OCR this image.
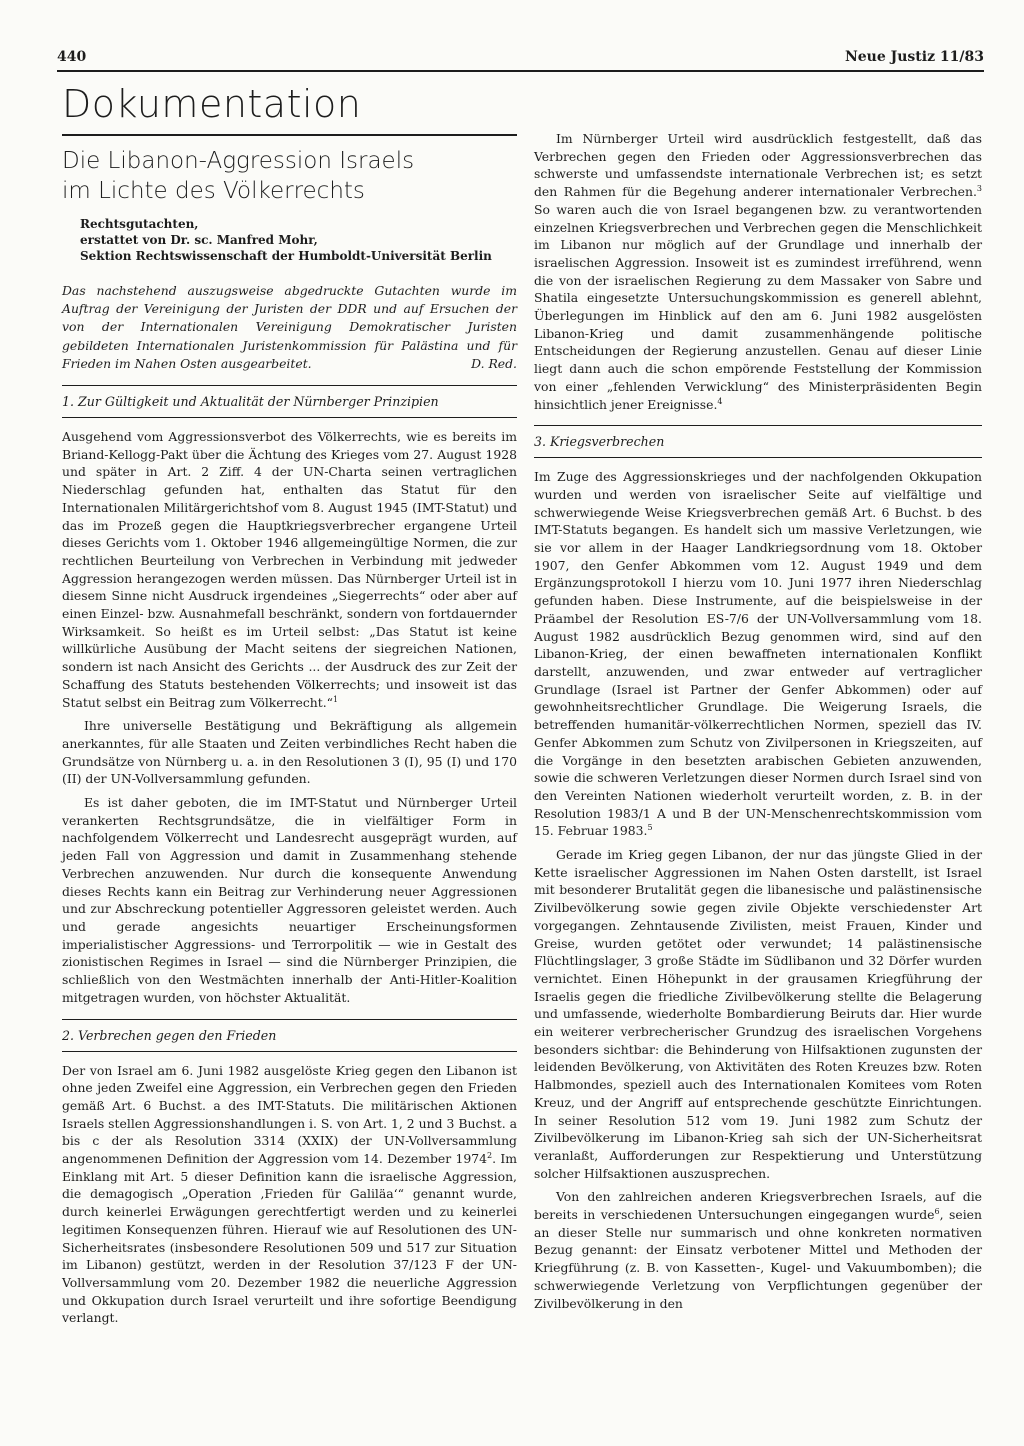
440	Neue Justiz 11/83
Dokumentation
Die Libanon-Aggression Israels
im Lichte des Völkerrechts
Rechtsgutachten,
erstattet von Dr. sc. Manfred Mohr,
Sektion Rechtswissenschaft der Humboldt-Universität Berlin

Das nachstehend auszugsweise abgedruckte Gutachten wurde im Auftrag der Vereinigung der Juristen der DDR und auf Ersuchen der von der Internationalen Vereinigung Demokratischer Juristen gebildeten Internationalen Juristenkommission für Palästina und für Frieden im Nahen Osten ausgearbeitet.	D. Red.
1. Zur Gültigkeit und Aktualität der Nürnberger Prinzipien

Ausgehend vom Aggressionsverbot des Völkerrechts, wie es bereits im Briand-Kellogg-Pakt über die Ächtung des Krieges vom 27. August 1928 und später in Art. 2 Ziff. 4 der UN-Charta seinen vertraglichen Niederschlag gefunden hat, enthalten das Statut für den Internationalen Militärgerichtshof vom 8. August 1945 (IMT-Statut) und das im Prozeß gegen die Hauptkriegsverbrecher ergangene Urteil dieses Gerichts vom 1. Oktober 1946 allgemeingültige Normen, die zur rechtlichen Beurteilung von Verbrechen in Verbindung mit jedweder Aggression herangezogen werden müssen. Das Nürnberger Urteil ist in diesem Sinne nicht Ausdruck irgendeines „Siegerrechts“ oder aber auf einen Einzel- bzw. Ausnahmefall beschränkt, sondern von fortdauernder Wirksamkeit. So heißt es im Urteil selbst: „Das Statut ist keine willkürliche Ausübung der Macht seitens der siegreichen Nationen, sondern ist nach Ansicht des Gerichts ... der Ausdruck des zur Zeit der Schaffung des Statuts bestehenden Völkerrechts; und insoweit ist das Statut selbst ein Beitrag zum Völkerrecht.“$^1$

Ihre universelle Bestätigung und Bekräftigung als allgemein anerkanntes, für alle Staaten und Zeiten verbindliches Recht haben die Grundsätze von Nürnberg u. a. in den Resolutionen 3 (I), 95 (I) und 170 (II) der UN-Vollversammlung gefunden.

Es ist daher geboten, die im IMT-Statut und Nürnberger Urteil verankerten Rechtsgrundsätze, die in vielfältiger Form in nachfolgendem Völkerrecht und Landesrecht ausgeprägt wurden, auf jeden Fall von Aggression und damit in Zusammenhang stehende Verbrechen anzuwenden. Nur durch die konsequente Anwendung dieses Rechts kann ein Beitrag zur Verhinderung neuer Aggressionen und zur Abschreckung potentieller Aggressoren geleistet werden. Auch und gerade angesichts neuartiger Erscheinungsformen imperialistischer Aggressions- und Terrorpolitik — wie in Gestalt des zionistischen Regimes in Israel — sind die Nürnberger Prinzipien, die schließlich von den Westmächten innerhalb der Anti-Hitler-Koalition mitgetragen wurden, von höchster Aktualität.

2. Verbrechen gegen den Frieden

Der von Israel am 6. Juni 1982 ausgelöste Krieg gegen den Libanon ist ohne jeden Zweifel eine Aggression, ein Verbrechen gegen den Frieden gemäß Art. 6 Buchst. a des IMT-Statuts. Die militärischen Aktionen Israels stellen Aggressionshandlungen i. S. von Art. 1, 2 und 3 Buchst. a bis c der als Resolution 3314 (XXIX) der UN-Vollversammlung angenommenen Definition der Aggression vom 14. Dezember 1974$^2$. Im Einklang mit Art. 5 dieser Definition kann die israelische Aggression, die demagogisch „Operation ‚Frieden für Galiläa‘“ genannt wurde, durch keinerlei Erwägungen gerechtfertigt werden und zu keinerlei legitimen Konsequenzen führen. Hierauf wie auf Resolutionen des UN-Sicherheitsrates (insbesondere Resolutionen 509 und 517 zur Situation im Libanon) gestützt, werden in der Resolution 37/123 F der UN-Vollversammlung vom 20. Dezember 1982 die neuerliche Aggression und Okkupation durch Israel verurteilt und ihre sofortige Beendigung verlangt.

Im Nürnberger Urteil wird ausdrücklich festgestellt, daß das Verbrechen gegen den Frieden oder Aggressionsverbrechen das schwerste und umfassendste internationale Verbrechen ist; es setzt den Rahmen für die Begehung anderer internationaler Verbrechen.$^3$ So waren auch die von Israel begangenen bzw. zu verantwortenden einzelnen Kriegsverbrechen und Verbrechen gegen die Menschlichkeit im Libanon nur möglich auf der Grundlage und innerhalb der israelischen Aggression. Insoweit ist es zumindest irreführend, wenn die von der israelischen Regierung zu dem Massaker von Sabre und Shatila eingesetzte Untersuchungskommission es generell ablehnt, Überlegungen im Hinblick auf den am 6. Juni 1982 ausgelösten Libanon-Krieg und damit zusammenhängende politische Entscheidungen der Regierung anzustellen. Genau auf dieser Linie liegt dann auch die schon empörende Feststellung der Kommission von einer „fehlenden Verwicklung“ des Ministerpräsidenten Begin hinsichtlich jener Ereignisse.$^4$

3. Kriegsverbrechen

Im Zuge des Aggressionskrieges und der nachfolgenden Okkupation wurden und werden von israelischer Seite auf vielfältige und schwerwiegende Weise Kriegsverbrechen gemäß Art. 6 Buchst. b des IMT-Statuts begangen. Es handelt sich um massive Verletzungen, wie sie vor allem in der Haager Landkriegsordnung vom 18. Oktober 1907, den Genfer Abkommen vom 12. August 1949 und dem Ergänzungsprotokoll I hierzu vom 10. Juni 1977 ihren Niederschlag gefunden haben. Diese Instrumente, auf die beispielsweise in der Präambel der Resolution ES-7/6 der UN-Vollversammlung vom 18. August 1982 ausdrücklich Bezug genommen wird, sind auf den Libanon-Krieg, der einen bewaffneten internationalen Konflikt darstellt, anzuwenden, und zwar entweder auf vertraglicher Grundlage (Israel ist Partner der Genfer Abkommen) oder auf gewohnheitsrechtlicher Grundlage. Die Weigerung Israels, die betreffenden humanitär-völkerrechtlichen Normen, speziell das IV. Genfer Abkommen zum Schutz von Zivilpersonen in Kriegszeiten, auf die Vorgänge in den besetzten arabischen Gebieten anzuwenden, sowie die schweren Verletzungen dieser Normen durch Israel sind von den Vereinten Nationen wiederholt verurteilt worden, z. B. in der Resolution 1983/1 A und B der UN-Menschenrechtskommission vom 15. Februar 1983.$^5$

Gerade im Krieg gegen Libanon, der nur das jüngste Glied in der Kette israelischer Aggressionen im Nahen Osten darstellt, ist Israel mit besonderer Brutalität gegen die libanesische und palästinensische Zivilbevölkerung sowie gegen zivile Objekte verschiedenster Art vorgegangen. Zehntausende Zivilisten, meist Frauen, Kinder und Greise, wurden getötet oder verwundet; 14 palästinensische Flüchtlingslager, 3 große Städte im Südlibanon und 32 Dörfer wurden vernichtet. Einen Höhepunkt in der grausamen Kriegführung der Israelis gegen die friedliche Zivilbevölkerung stellte die Belagerung und umfassende, wiederholte Bombardierung Beiruts dar. Hier wurde ein weiterer verbrecherischer Grundzug des israelischen Vorgehens besonders sichtbar: die Behinderung von Hilfsaktionen zugunsten der leidenden Bevölkerung, von Aktivitäten des Roten Kreuzes bzw. Roten Halbmondes, speziell auch des Internationalen Komitees vom Roten Kreuz, und der Angriff auf entsprechende geschützte Einrichtungen. In seiner Resolution 512 vom 19. Juni 1982 zum Schutz der Zivilbevölkerung im Libanon-Krieg sah sich der UN-Sicherheitsrat veranlaßt, Aufforderungen zur Respektierung und Unterstützung solcher Hilfsaktionen auszusprechen.

Von den zahlreichen anderen Kriegsverbrechen Israels, auf die bereits in verschiedenen Untersuchungen eingegangen wurde$^6$, seien an dieser Stelle nur summarisch und ohne konkreten normativen Bezug genannt: der Einsatz verbotener Mittel und Methoden der Kriegführung (z. B. von Kassetten-, Kugel- und Vakuumbomben); die schwerwiegende Verletzung von Verpflichtungen gegenüber der Zivilbevölkerung in den
